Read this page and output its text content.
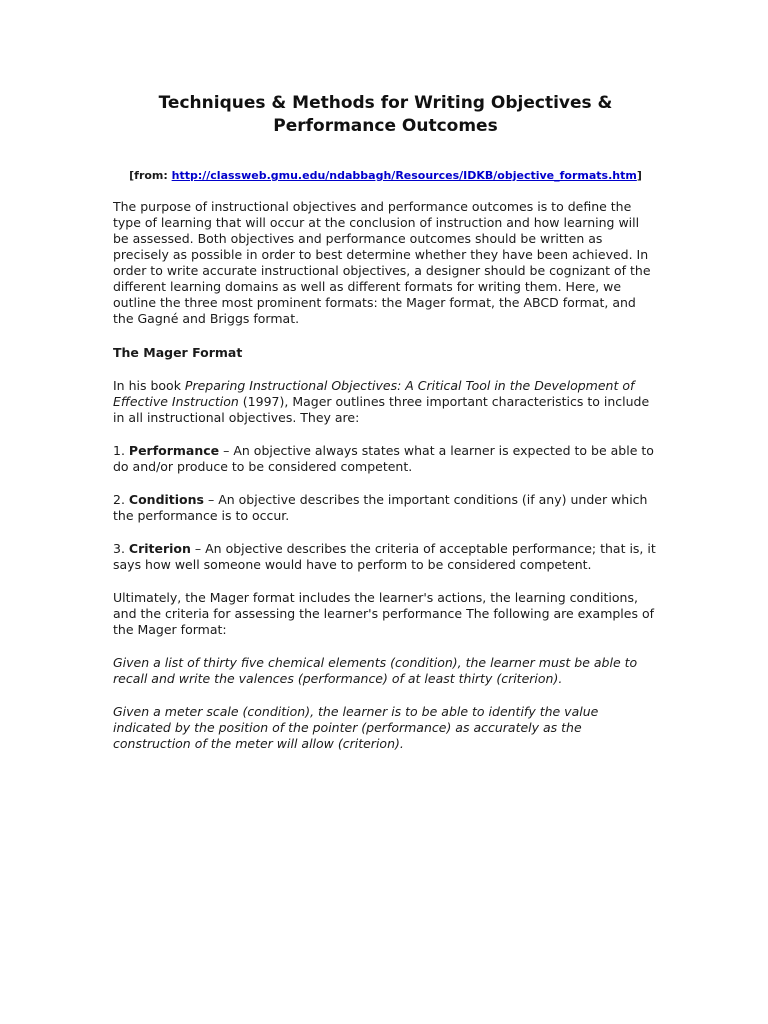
Techniques & Methods for Writing Objectives &
Performance Outcomes
[from: http://classweb.gmu.edu/ndabbagh/Resources/IDKB/objective_formats.htm]

The purpose of instructional objectives and performance outcomes is to define the type of learning that will occur at the conclusion of instruction and how learning will be assessed. Both objectives and performance outcomes should be written as precisely as possible in order to best determine whether they have been achieved. In order to write accurate instructional objectives, a designer should be cognizant of the different learning domains as well as different formats for writing them. Here, we outline the three most prominent formats: the Mager format, the ABCD format, and the Gagné and Briggs format.

The Mager Format

In his book Preparing Instructional Objectives: A Critical Tool in the Development of Effective Instruction (1997), Mager outlines three important characteristics to include in all instructional objectives. They are:

1. Performance – An objective always states what a learner is expected to be able to do and/or produce to be considered competent.

2. Conditions – An objective describes the important conditions (if any) under which the performance is to occur.

3. Criterion – An objective describes the criteria of acceptable performance; that is, it says how well someone would have to perform to be considered competent.

Ultimately, the Mager format includes the learner's actions, the learning conditions, and the criteria for assessing the learner's performance The following are examples of the Mager format:

Given a list of thirty five chemical elements (condition), the learner must be able to recall and write the valences (performance) of at least thirty (criterion).

Given a meter scale (condition), the learner is to be able to identify the value indicated by the position of the pointer (performance) as accurately as the construction of the meter will allow (criterion).
